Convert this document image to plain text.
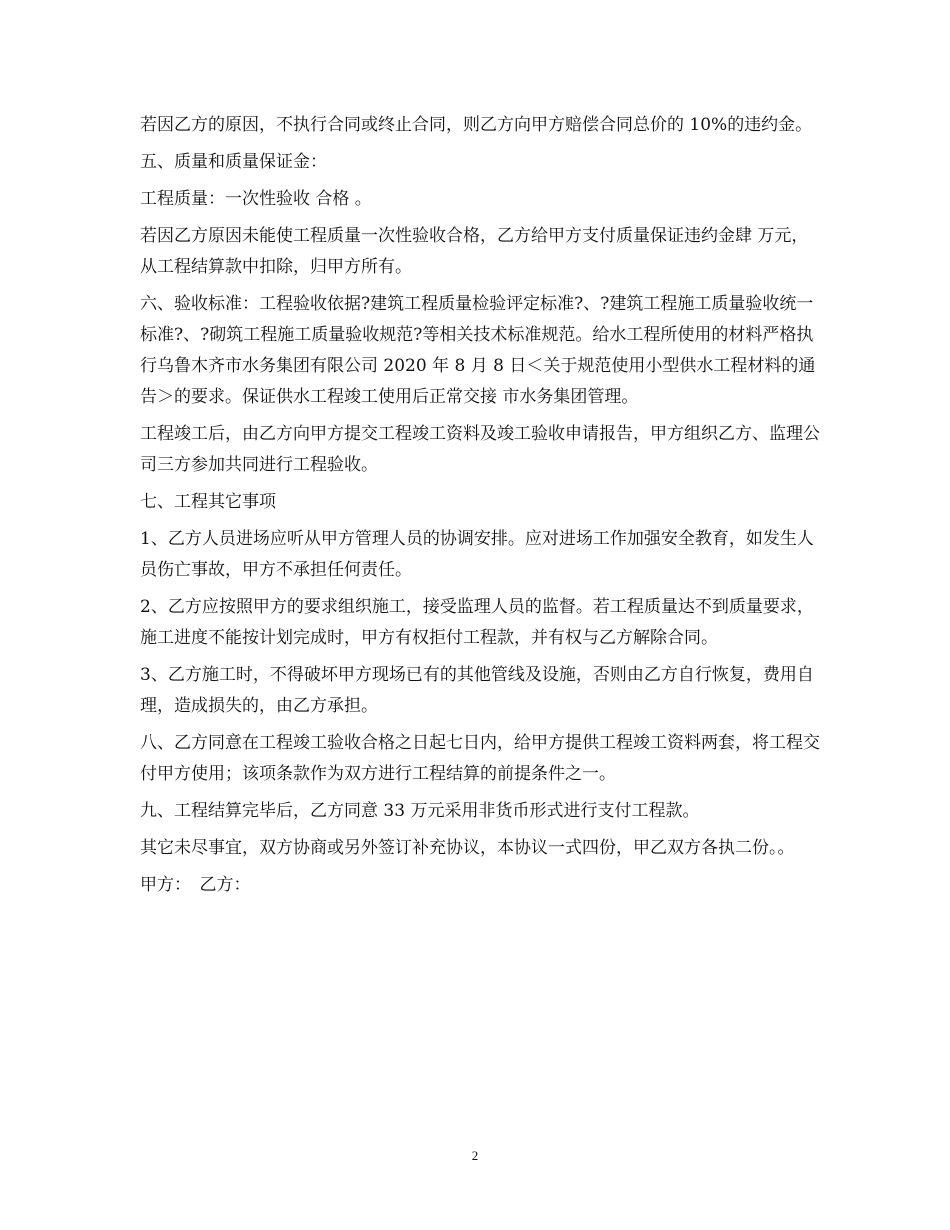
若因乙方的原因，不执行合同或终止合同，则乙方向甲方赔偿合同总价的 10%的违约金。

五、质量和质量保证金：

工程质量：一次性验收 合格 。

若因乙方原因未能使工程质量一次性验收合格，乙方给甲方支付质量保证违约金肆 万元，从工程结算款中扣除，归甲方所有。

六、验收标准：工程验收依据?建筑工程质量检验评定标准?、?建筑工程施工质量验收统一标准?、?砌筑工程施工质量验收规范?等相关技术标准规范。给水工程所使用的材料严格执行乌鲁木齐市水务集团有限公司 2020 年 8 月 8 日＜关于规范使用小型供水工程材料的通告＞的要求。保证供水工程竣工使用后正常交接 市水务集团管理。

工程竣工后，由乙方向甲方提交工程竣工资料及竣工验收申请报告，甲方组织乙方、监理公司三方参加共同进行工程验收。

七、工程其它事项

1、乙方人员进场应听从甲方管理人员的协调安排。应对进场工作加强安全教育，如发生人员伤亡事故，甲方不承担任何责任。

2、乙方应按照甲方的要求组织施工，接受监理人员的监督。若工程质量达不到质量要求，施工进度不能按计划完成时，甲方有权拒付工程款，并有权与乙方解除合同。

3、乙方施工时，不得破坏甲方现场已有的其他管线及设施，否则由乙方自行恢复，费用自理，造成损失的，由乙方承担。

八、乙方同意在工程竣工验收合格之日起七日内，给甲方提供工程竣工资料两套，将工程交付甲方使用；该项条款作为双方进行工程结算的前提条件之一。

九、工程结算完毕后，乙方同意 33 万元采用非货币形式进行支付工程款。

其它未尽事宜，双方协商或另外签订补充协议，本协议一式四份，甲乙双方各执二份。。

甲方：　乙方：

2
